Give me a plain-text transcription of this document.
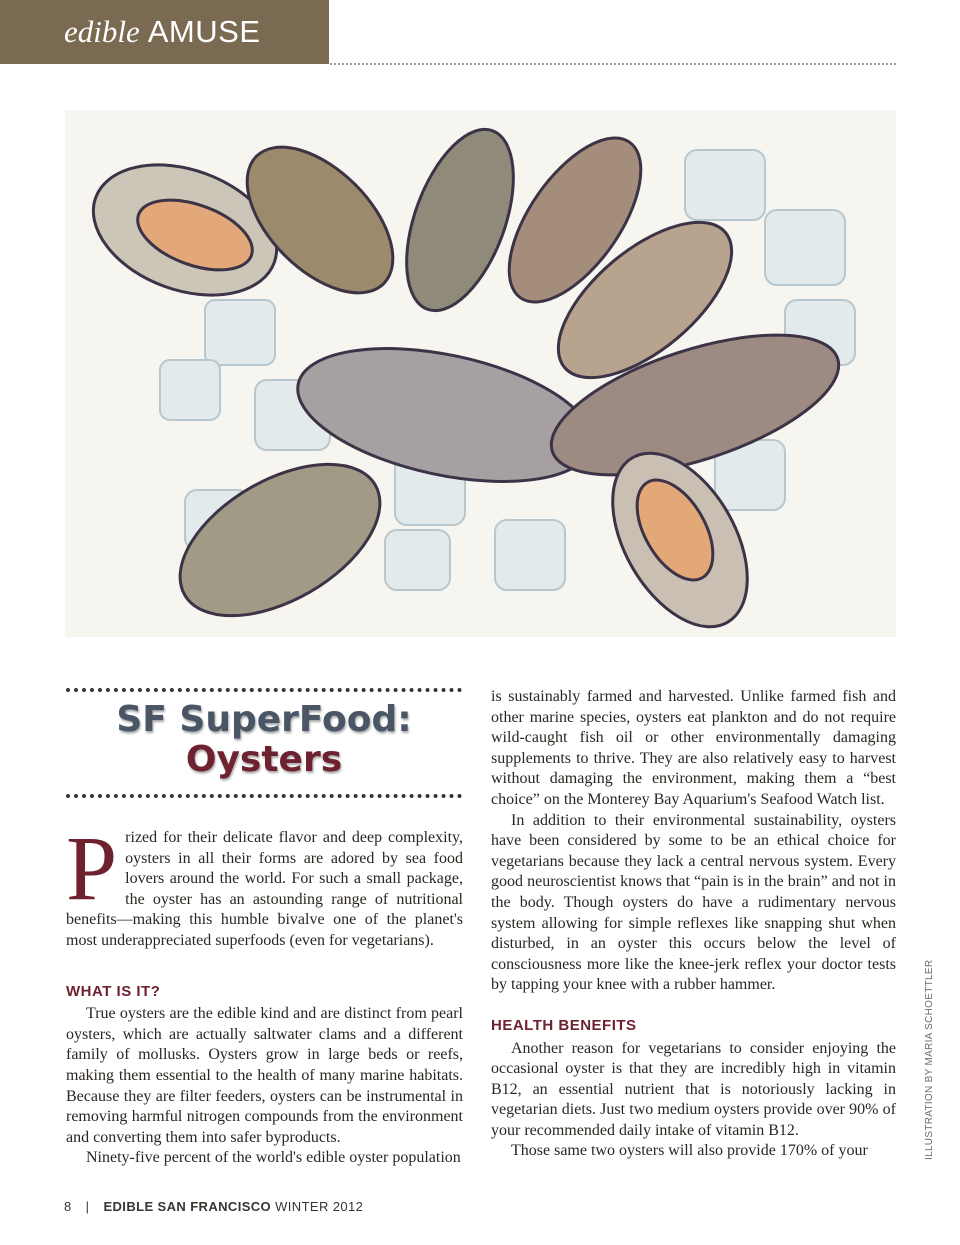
edible AMUSE
SF SuperFood:
Oysters

Prized for their delicate flavor and deep complexity, oysters in all their forms are adored by sea food lovers around the world. For such a small package, the oyster has an astounding range of nutritional benefits—making this humble bivalve one of the planet's most underappreciated superfoods (even for vegetarians).

WHAT IS IT?

True oysters are the edible kind and are distinct from pearl oysters, which are actually saltwater clams and a different family of mollusks. Oysters grow in large beds or reefs, making them essential to the health of many marine habitats. Because they are filter feeders, oysters can be instrumental in removing harmful nitrogen compounds from the environment and converting them into safer byproducts.

Ninety-five percent of the world's edible oyster population

is sustainably farmed and harvested. Unlike farmed fish and other marine species, oysters eat plankton and do not require wild-caught fish oil or other environmentally damaging supplements to thrive. They are also relatively easy to harvest without damaging the environment, making them a “best choice” on the Monterey Bay Aquarium's Seafood Watch list.

In addition to their environmental sustainability, oysters have been considered by some to be an ethical choice for vegetarians because they lack a central nervous system. Every good neuroscientist knows that “pain is in the brain” and not in the body. Though oysters do have a rudimentary nervous system allowing for simple reflexes like snapping shut when disturbed, in an oyster this occurs below the level of consciousness more like the knee-jerk reflex your doctor tests by tapping your knee with a rubber hammer.

HEALTH BENEFITS

Another reason for vegetarians to consider enjoying the occasional oyster is that they are incredibly high in vitamin B12, an essential nutrient that is notoriously lacking in vegetarian diets. Just two medium oysters provide over 90% of your recommended daily intake of vitamin B12.

Those same two oysters will also provide 170% of your	ILLUSTRATION BY MARIA SCHOETTLER
8 | EDIBLE SAN FRANCISCO WINTER 2012
